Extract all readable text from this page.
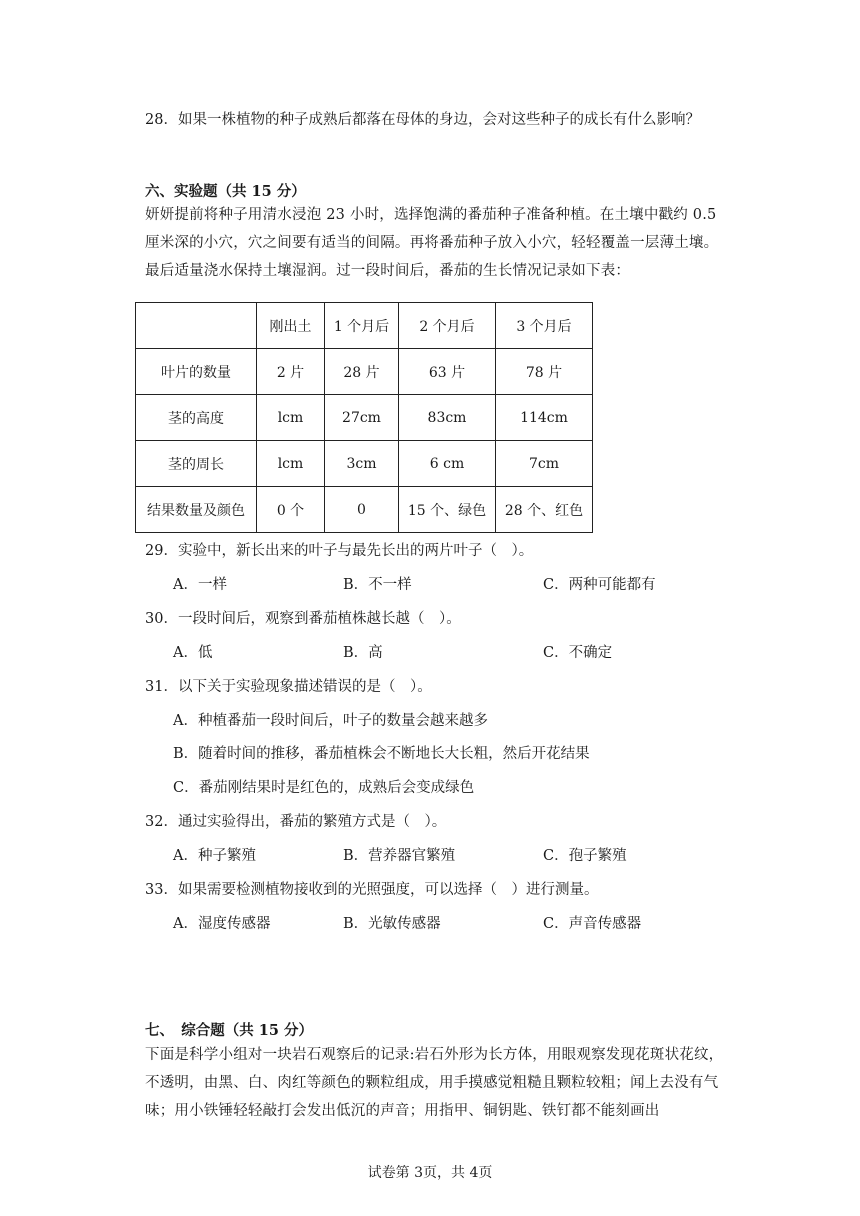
28．如果一株植物的种子成熟后都落在母体的身边，会对这些种子的成长有什么影响？
六、实验题（共 15 分）
妍妍提前将种子用清水浸泡 23 小时，选择饱满的番茄种子准备种植。在土壤中戳约 0.5 厘米深的小穴，穴之间要有适当的间隔。再将番茄种子放入小穴，轻轻覆盖一层薄土壤。最后适量浇水保持土壤湿润。过一段时间后，番茄的生长情况记录如下表：
	刚出土	1 个月后	2 个月后	3 个月后
叶片的数量	2 片	28 片	63 片	78 片
茎的高度	lcm	27cm	83cm	114cm
茎的周长	lcm	3cm	6 cm	7cm
结果数量及颜色	0 个	0	15 个、绿色	28 个、红色
29．实验中，新长出来的叶子与最先长出的两片叶子（　）。
A．一样	B．不一样	C．两种可能都有
30．一段时间后，观察到番茄植株越长越（　）。
A．低	B．高	C．不确定
31．以下关于实验现象描述错误的是（　）。
A．种植番茄一段时间后，叶子的数量会越来越多
B．随着时间的推移，番茄植株会不断地长大长粗，然后开花结果
C．番茄刚结果时是红色的，成熟后会变成绿色
32．通过实验得出，番茄的繁殖方式是（　）。
A．种子繁殖	B．营养器官繁殖	C．孢子繁殖
33．如果需要检测植物接收到的光照强度，可以选择（　）进行测量。
A．湿度传感器	B．光敏传感器	C．声音传感器
七、　综合题（共 15 分）
下面是科学小组对一块岩石观察后的记录:岩石外形为长方体，用眼观察发现花斑状花纹，不透明，由黑、白、肉红等颜色的颗粒组成，用手摸感觉粗糙且颗粒较粗；闻上去没有气味；用小铁锤轻轻敲打会发出低沉的声音；用指甲、铜钥匙、铁钉都不能刻画出
试卷第 3页，共 4页
